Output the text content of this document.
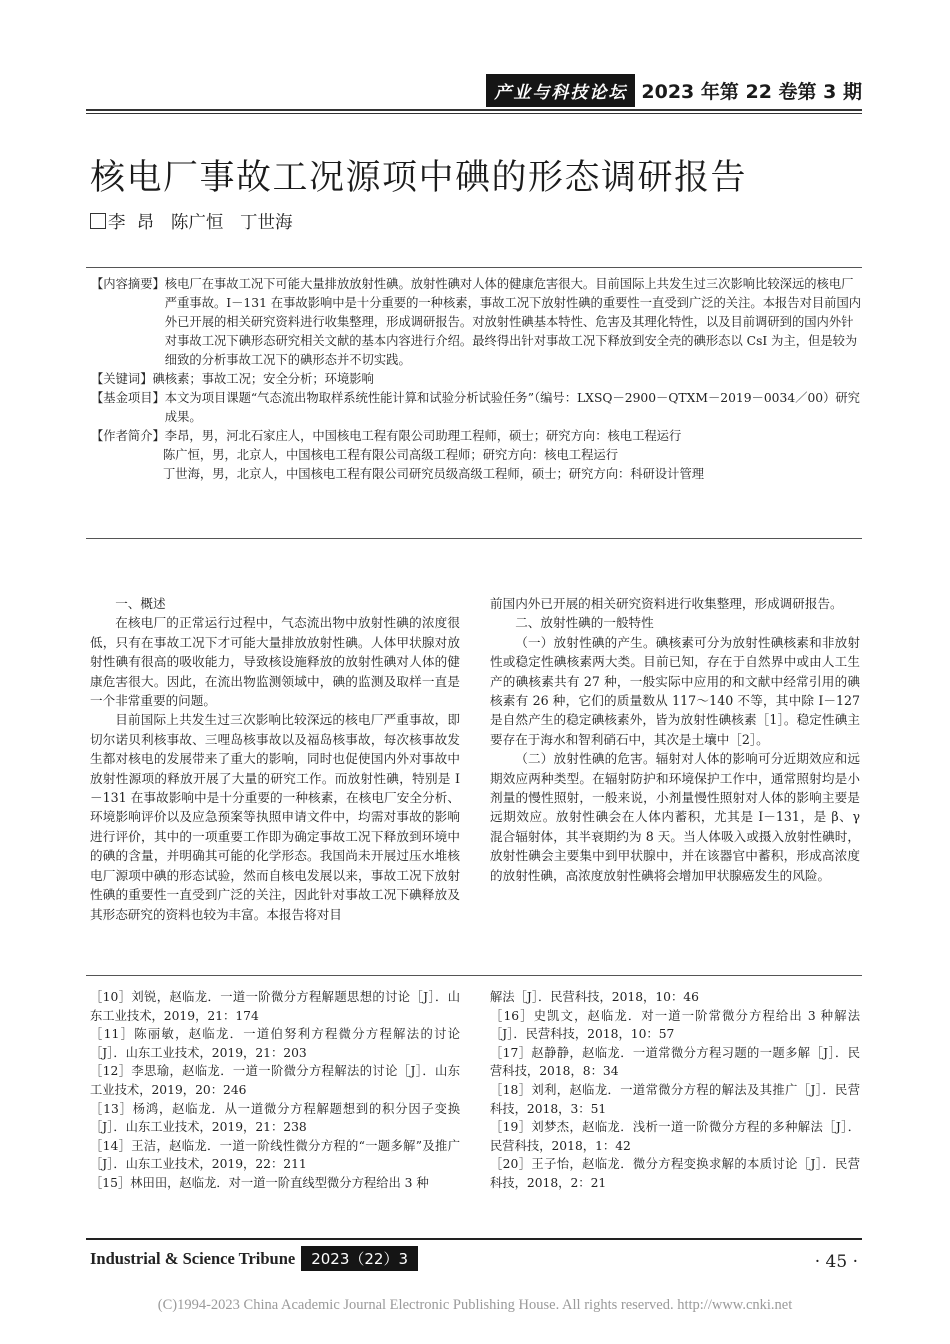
产业与科技论坛 2023 年第 22 卷第 3 期
核电厂事故工况源项中碘的形态调研报告
李  昂   陈广恒   丁世海
【内容摘要】 核电厂在事故工况下可能大量排放放射性碘。放射性碘对人体的健康危害很大。目前国际上共发生过三次影响比较深远的核电厂严重事故。I－131 在事故影响中是十分重要的一种核素，事故工况下放射性碘的重要性一直受到广泛的关注。本报告对目前国内外已开展的相关研究资料进行收集整理，形成调研报告。对放射性碘基本特性、危害及其理化特性，以及目前调研到的国内外针对事故工况下碘形态研究相关文献的基本内容进行介绍。最终得出针对事故工况下释放到安全壳的碘形态以 CsI 为主，但是较为细致的分析事故工况下的碘形态并不切实践。
【关键词】 碘核素；事故工况；安全分析；环境影响
【基金项目】 本文为项目课题“气态流出物取样系统性能计算和试验分析试验任务”（编号：LXSQ－2900－QTXM－2019－0034／00）研究成果。
【作者简介】 李昂，男，河北石家庄人，中国核电工程有限公司助理工程师，硕士；研究方向：核电工程运行
陈广恒，男，北京人，中国核电工程有限公司高级工程师；研究方向：核电工程运行
丁世海，男，北京人，中国核电工程有限公司研究员级高级工程师，硕士；研究方向：科研设计管理

一、概述

在核电厂的正常运行过程中，气态流出物中放射性碘的浓度很低，只有在事故工况下才可能大量排放放射性碘。人体甲状腺对放射性碘有很高的吸收能力，导致核设施释放的放射性碘对人体的健康危害很大。因此，在流出物监测领域中，碘的监测及取样一直是一个非常重要的问题。

目前国际上共发生过三次影响比较深远的核电厂严重事故，即切尔诺贝利核事故、三哩岛核事故以及福岛核事故，每次核事故发生都对核电的发展带来了重大的影响，同时也促使国内外对事故中放射性源项的释放开展了大量的研究工作。而放射性碘，特别是 I－131 在事故影响中是十分重要的一种核素，在核电厂安全分析、环境影响评价以及应急预案等执照申请文件中，均需对事故的影响进行评价，其中的一项重要工作即为确定事故工况下释放到环境中的碘的含量，并明确其可能的化学形态。我国尚未开展过压水堆核电厂源项中碘的形态试验，然而自核电发展以来，事故工况下放射性碘的重要性一直受到广泛的关注，因此针对事故工况下碘释放及其形态研究的资料也较为丰富。本报告将对目

前国内外已开展的相关研究资料进行收集整理，形成调研报告。

二、放射性碘的一般特性

（一）放射性碘的产生。碘核素可分为放射性碘核素和非放射性或稳定性碘核素两大类。目前已知，存在于自然界中或由人工生产的碘核素共有 27 种，一般实际中应用的和文献中经常引用的碘核素有 26 种，它们的质量数从 117～140 不等，其中除 I－127 是自然产生的稳定碘核素外，皆为放射性碘核素［1］。稳定性碘主要存在于海水和智利硝石中，其次是土壤中［2］。

（二）放射性碘的危害。辐射对人体的影响可分近期效应和远期效应两种类型。在辐射防护和环境保护工作中，通常照射均是小剂量的慢性照射，一般来说，小剂量慢性照射对人体的影响主要是远期效应。放射性碘会在人体内蓄积，尤其是 I－131，是 β、γ 混合辐射体，其半衰期约为 8 天。当人体吸入或摄入放射性碘时，放射性碘会主要集中到甲状腺中，并在该器官中蓄积，形成高浓度的放射性碘，高浓度放射性碘将会增加甲状腺癌发生的风险。

［10］刘锐，赵临龙．一道一阶微分方程解题思想的讨论［J］．山东工业技术，2019，21：174

［11］陈丽敏，赵临龙．一道伯努利方程微分方程解法的讨论［J］．山东工业技术，2019，21：203

［12］李思瑜，赵临龙．一道一阶微分方程解法的讨论［J］．山东工业技术，2019，20：246

［13］杨鸿，赵临龙．从一道微分方程解题想到的积分因子变换［J］．山东工业技术，2019，21：238

［14］王洁，赵临龙．一道一阶线性微分方程的“一题多解”及推广［J］．山东工业技术，2019，22：211

［15］林田田，赵临龙．对一道一阶直线型微分方程给出 3 种

解法［J］．民营科技，2018，10：46

［16］史凯文，赵临龙．对一道一阶常微分方程给出 3 种解法［J］．民营科技，2018，10：57

［17］赵静静，赵临龙．一道常微分方程习题的一题多解［J］．民营科技，2018，8：34

［18］刘利，赵临龙．一道常微分方程的解法及其推广［J］．民营科技，2018，3：51

［19］刘梦杰，赵临龙．浅析一道一阶微分方程的多种解法［J］．民营科技，2018，1：42

［20］王子怡，赵临龙．微分方程变换求解的本质讨论［J］．民营科技，2018，2：21

Industrial & Science Tribune	2023（22）3	· 45 ·
(C)1994-2023 China Academic Journal Electronic Publishing House. All rights reserved. http://www.cnki.net
